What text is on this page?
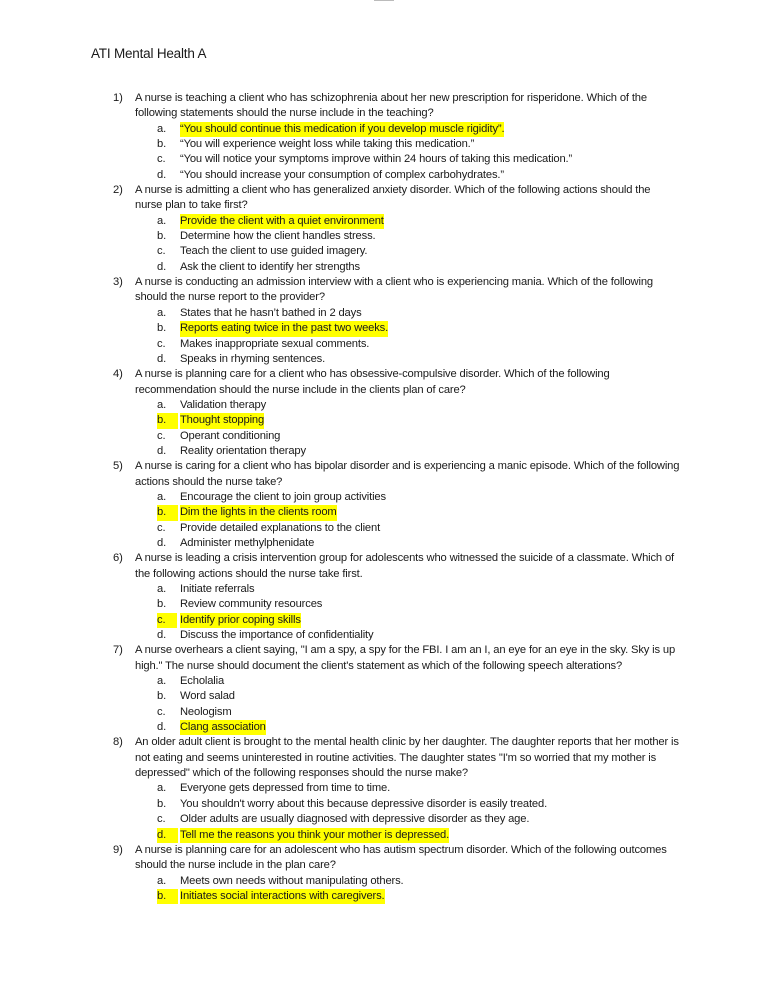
ATI Mental Health A
1) A nurse is teaching a client who has schizophrenia about her new prescription for risperidone. Which of the following statements should the nurse include in the teaching?
a. “You should continue this medication if you develop muscle rigidity”.
b. “You will experience weight loss while taking this medication.”
c. “You will notice your symptoms improve within 24 hours of taking this medication.”
d. “You should increase your consumption of complex carbohydrates.”
2) A nurse is admitting a client who has generalized anxiety disorder. Which of the following actions should the nurse plan to take first?
a. Provide the client with a quiet environment
b. Determine how the client handles stress.
c. Teach the client to use guided imagery.
d. Ask the client to identify her strengths
3) A nurse is conducting an admission interview with a client who is experiencing mania. Which of the following should the nurse report to the provider?
a. States that he hasn’t bathed in 2 days
b. Reports eating twice in the past two weeks.
c. Makes inappropriate sexual comments.
d. Speaks in rhyming sentences.
4) A nurse is planning care for a client who has obsessive-compulsive disorder. Which of the following recommendation should the nurse include in the clients plan of care?
a. Validation therapy
b.	Thought stopping
c. Operant conditioning
d. Reality orientation therapy
5) A nurse is caring for a client who has bipolar disorder and is experiencing a manic episode. Which of the following actions should the nurse take?
a. Encourage the client to join group activities
b.	Dim the lights in the clients room
c. Provide detailed explanations to the client
d. Administer methylphenidate
6) A nurse is leading a crisis intervention group for adolescents who witnessed the suicide of a classmate. Which of the following actions should the nurse take first.
a. Initiate referrals
b. Review community resources
c.	Identify prior coping skills
d. Discuss the importance of confidentiality
7) A nurse overhears a client saying, "I am a spy, a spy for the FBI. I am an I, an eye for an eye in the sky. Sky is up high." The nurse should document the client's statement as which of the following speech alterations?
a. Echolalia
b. Word salad
c. Neologism
d. Clang association
8) An older adult client is brought to the mental health clinic by her daughter. The daughter reports that her mother is not eating and seems uninterested in routine activities. The daughter states "I'm so worried that my mother is depressed" which of the following responses should the nurse make?
a. Everyone gets depressed from time to time.
b. You shouldn't worry about this because depressive disorder is easily treated.
c. Older adults are usually diagnosed with depressive disorder as they age.
d.	Tell me the reasons you think your mother is depressed.
9) A nurse is planning care for an adolescent who has autism spectrum disorder. Which of the following outcomes should the nurse include in the plan care?
a. Meets own needs without manipulating others.
b.	Initiates social interactions with caregivers.
